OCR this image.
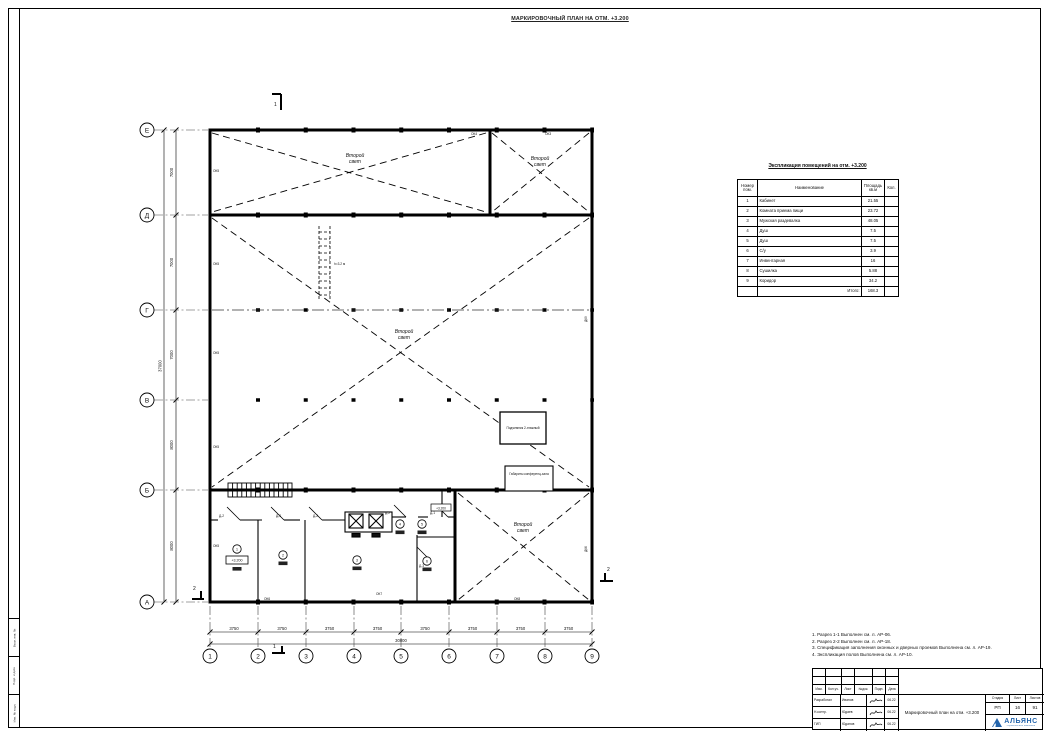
Взам. инв. №
Подп. и дата
Инв. № подл.
МАРКИРОВОЧНЫЙ ПЛАН НА ОТМ. +3.200
h=3.2 м
Подъемник 2-этажный
Габариты конференц-зала
Второй
свет	Второй
свет
Второй
свет
Второй
свет
ОК4	ОК3
ОК5
ОК5
ОК5
ОК5
ОК5
ДК9
ДК6
ОК6
ОК7
ОК8
Д-2	Д-3	Д-2
Д-2	Д-1
Д-3
1
2
3
4	5
6
+3.200
+3.200
3750	3750	3750	3750	3750	3750	3750	3750
30000
7000
7000
7000
8000
8000
37000
Е
Д
Г
В
Б
А
1	2	3	4	5	6	7	8	9
1
1
2
2
Экспликация помещений на отм. +3.200
Номер пом.	Наименование	Площадь кв.м	Кол.
1	Кабинет	21.55	
2	Комната приема пищи	23.72	
3	Мужская раздевалка	48.05	
4	Душ	7.5	
5	Душ	7.5	
6	С/у	3.9	
7	Инвентарная	16	
8	Сушилка	5.88	
9	Коридор	34.2	
	Итого:	168.3	
1. Разрез 1-1 Выполнен см. л. АР-06.
2. Разрез 2-2 Выполнен см. л. АР-18.
3. Спецификация заполнения оконных и дверных проемов Выполнена см. л. АР-19.
4. Экспликация полов Выполнена см. л. АР-10.
Изм.	Кол.уч.	Лист	№док.	Подп.	Дата
Разработал	Иванов	06.22
Н.контр.	Юдаев	06.22
ГИП	Юданов	06.22
Маркировочный план на отм. +3.200
Стадия	Лист	Листов
РП	16	91
АЛЬЯНС
строительная компания
